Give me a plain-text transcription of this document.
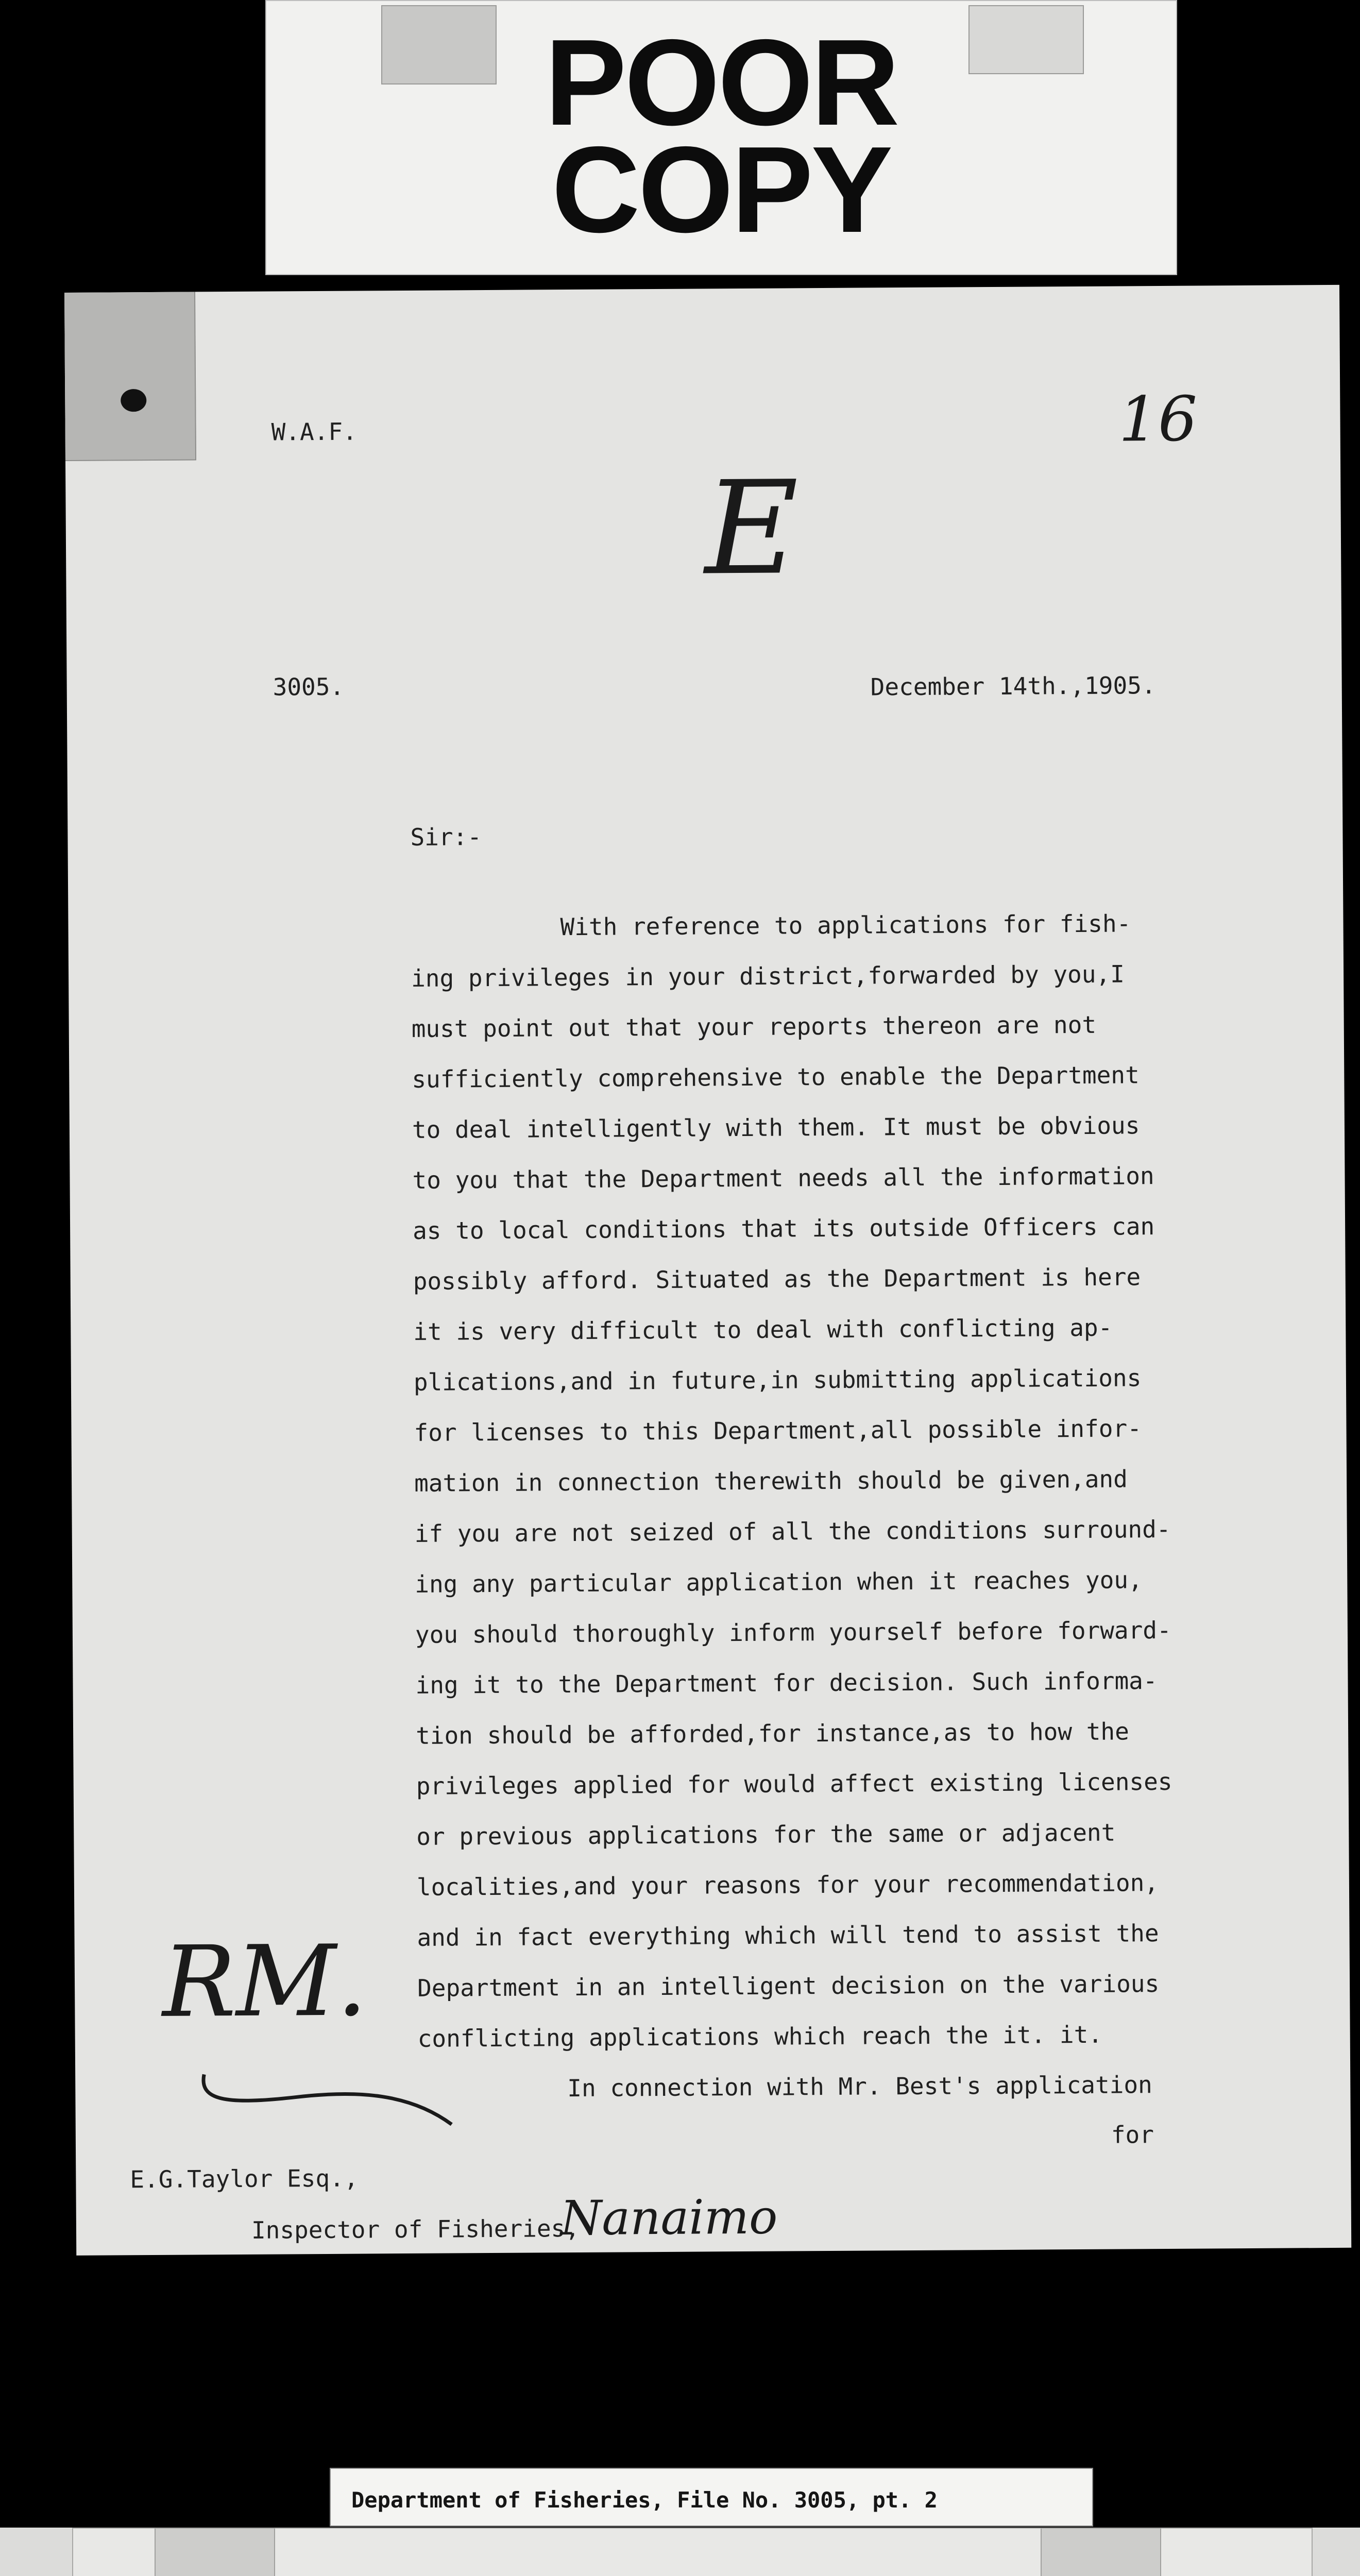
POOR
COPY
W.A.F.	16
E
3005.	December 14th.,1905.
Sir:-
With reference to applications for fish-
ing privileges in your district,forwarded by you,I
must point out that your reports thereon are not
sufficiently comprehensive to enable the Department
to deal intelligently with them. It must be obvious
to you that the Department needs all the information
as to local conditions that its outside Officers can
possibly afford. Situated as the Department is here
it is very difficult to deal with conflicting ap-
plications,and in future,in submitting applications
for licenses to this Department,all possible infor-
mation in connection therewith should be given,and
if you are not seized of all the conditions surround-
ing any particular application when it reaches you,
you should thoroughly inform yourself before forward-
ing it to the Department for decision. Such informa-
tion should be afforded,for instance,as to how the
privileges applied for would affect existing licenses
or previous applications for the same or adjacent
localities,and your reasons for your recommendation,
and in fact everything which will tend to assist the
Department in an intelligent decision on the various
conflicting applications which reach the it. it.
In connection with Mr. Best's application
for
RM.
E.G.Taylor Esq.,
Inspector of Fisheries,
Nanaimo
Department of Fisheries, File No. 3005, pt. 2
